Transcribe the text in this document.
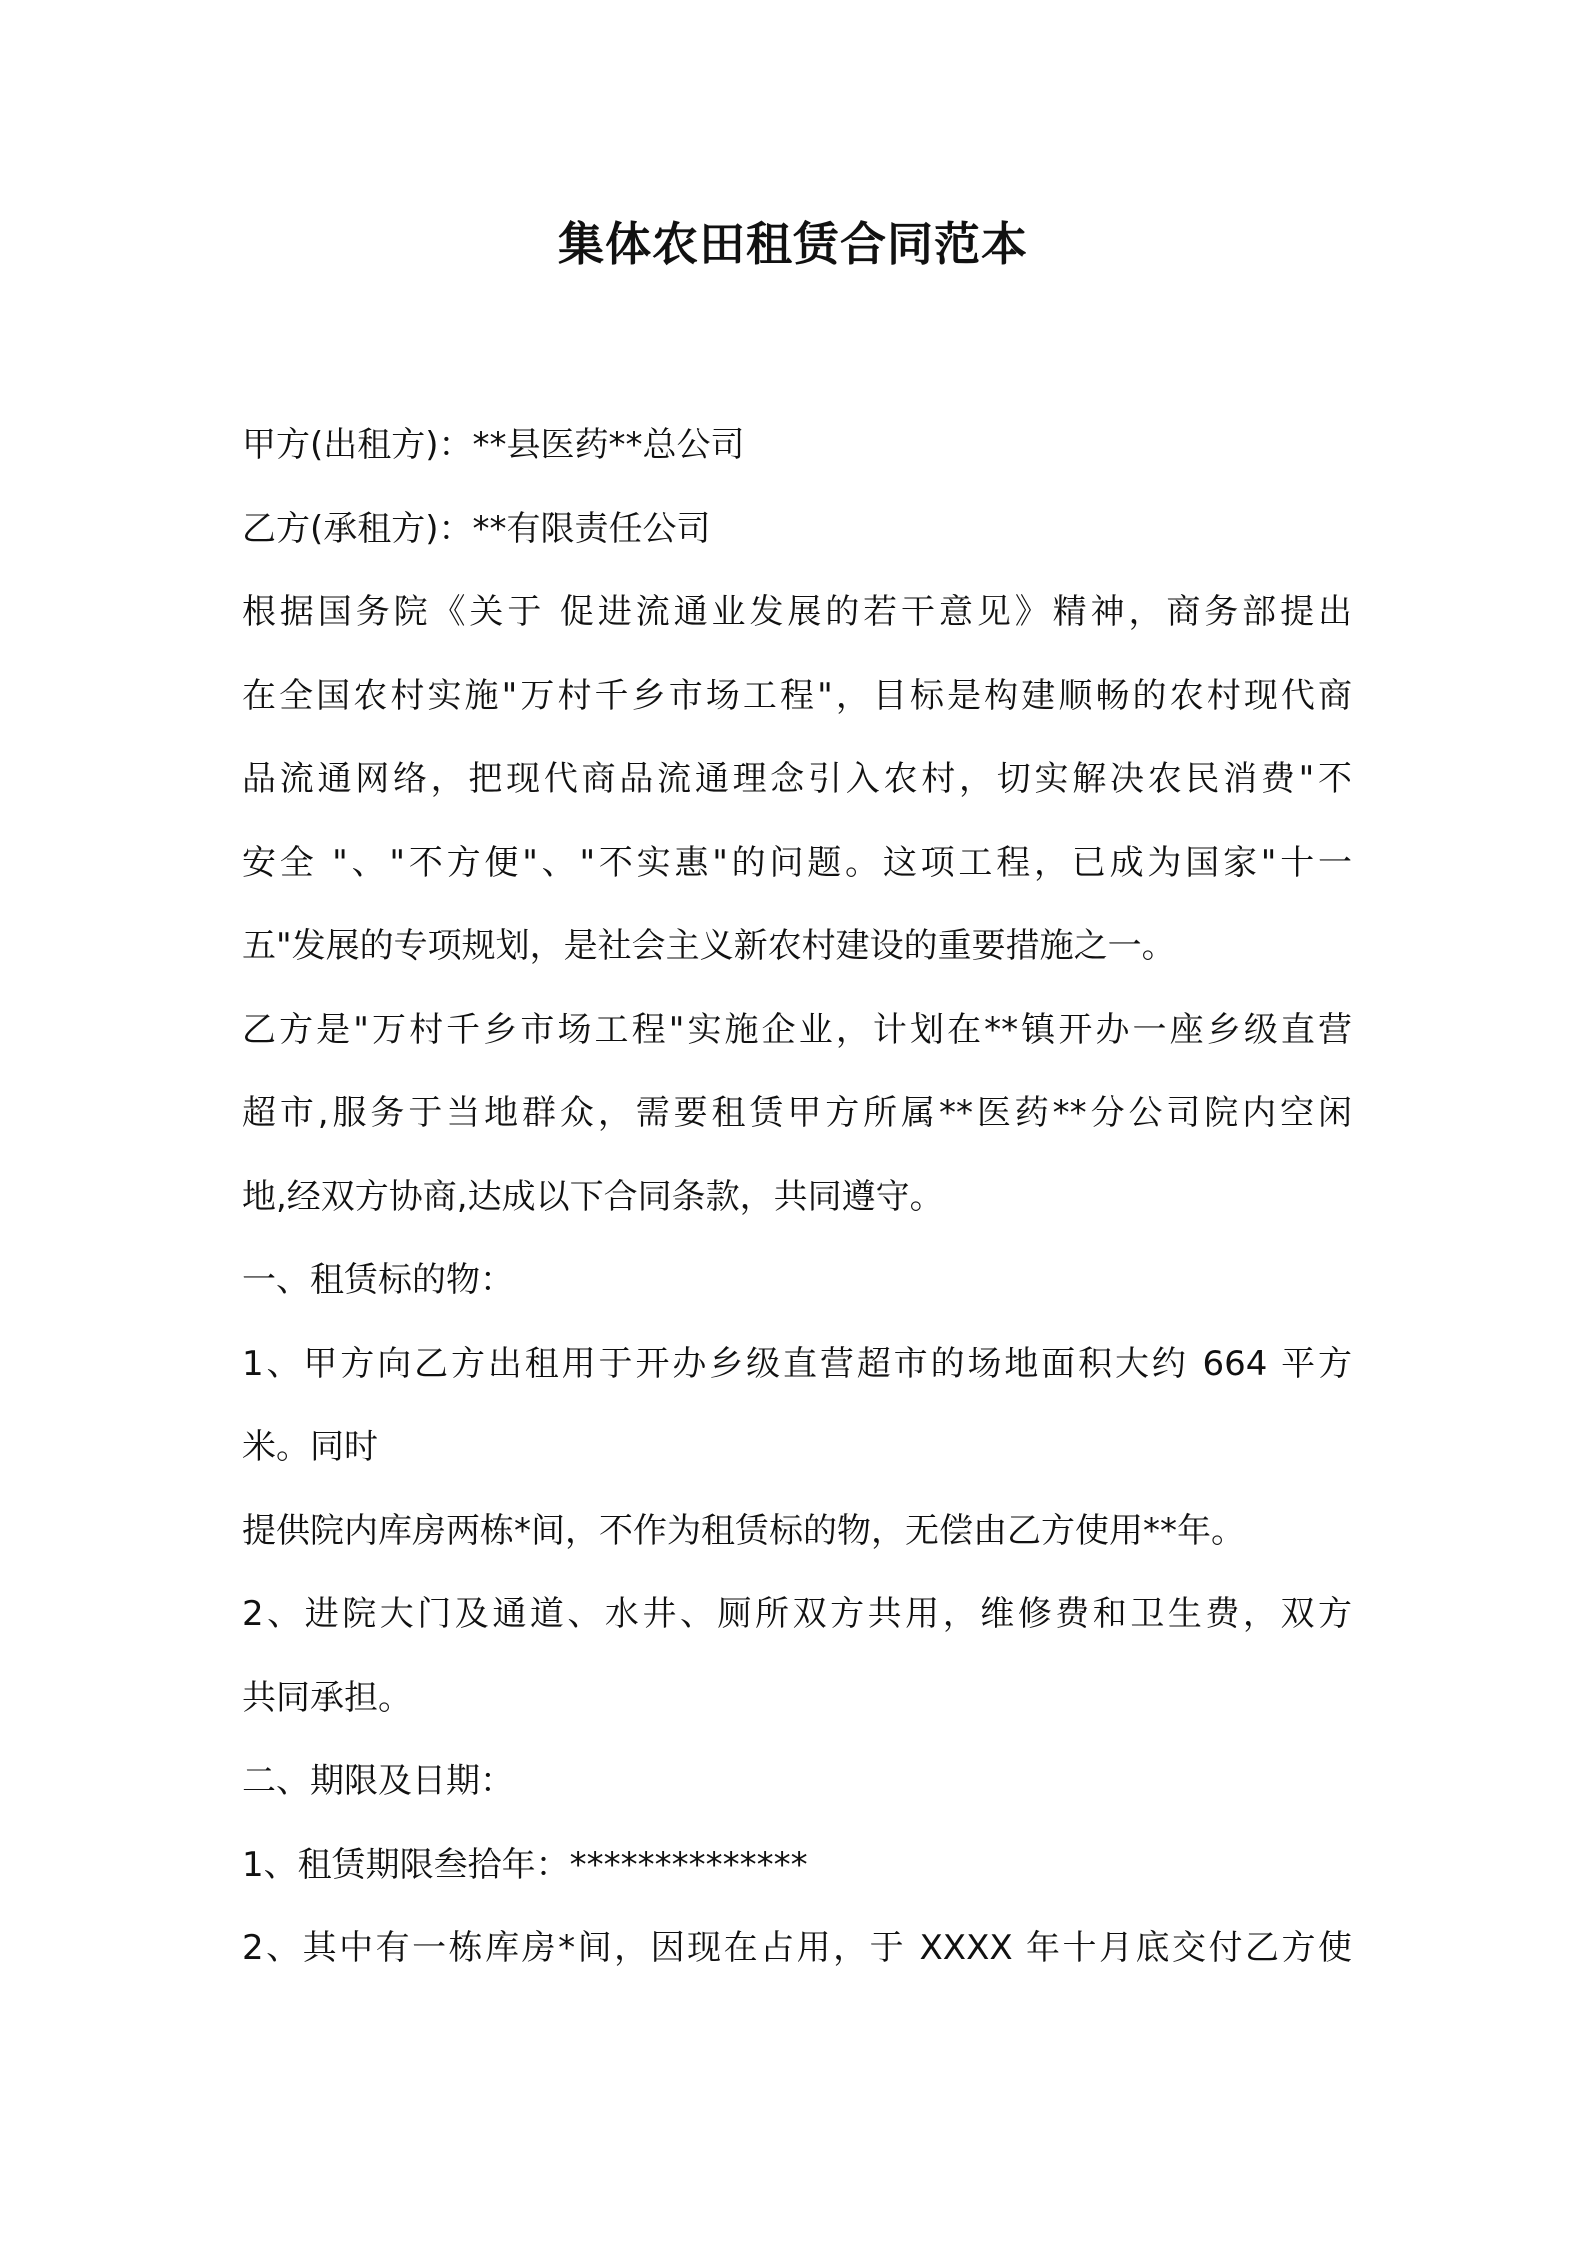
集体农田租赁合同范本
甲方(出租方)：**县医药**总公司
乙方(承租方)：**有限责任公司
根据国务院《关于 促进流通业发展的若干意见》精神，商务部提出
在全国农村实施"万村千乡市场工程"，目标是构建顺畅的农村现代商
品流通网络，把现代商品流通理念引入农村，切实解决农民消费"不
安全 "、"不方便"、"不实惠"的问题。这项工程，已成为国家"十一
五"发展的专项规划，是社会主义新农村建设的重要措施之一。
乙方是"万村千乡市场工程"实施企业，计划在**镇开办一座乡级直营
超市,服务于当地群众，需要租赁甲方所属**医药**分公司院内空闲
地,经双方协商,达成以下合同条款，共同遵守。
一、租赁标的物：
1、甲方向乙方出租用于开办乡级直营超市的场地面积大约 664 平方
米。同时
提供院内库房两栋*间，不作为租赁标的物，无偿由乙方使用**年。
2、进院大门及通道、水井、厕所双方共用，维修费和卫生费，双方
共同承担。
二、期限及日期：
1、租赁期限叁拾年：**************
2、其中有一栋库房*间，因现在占用，于 XXXX 年十月底交付乙方使
